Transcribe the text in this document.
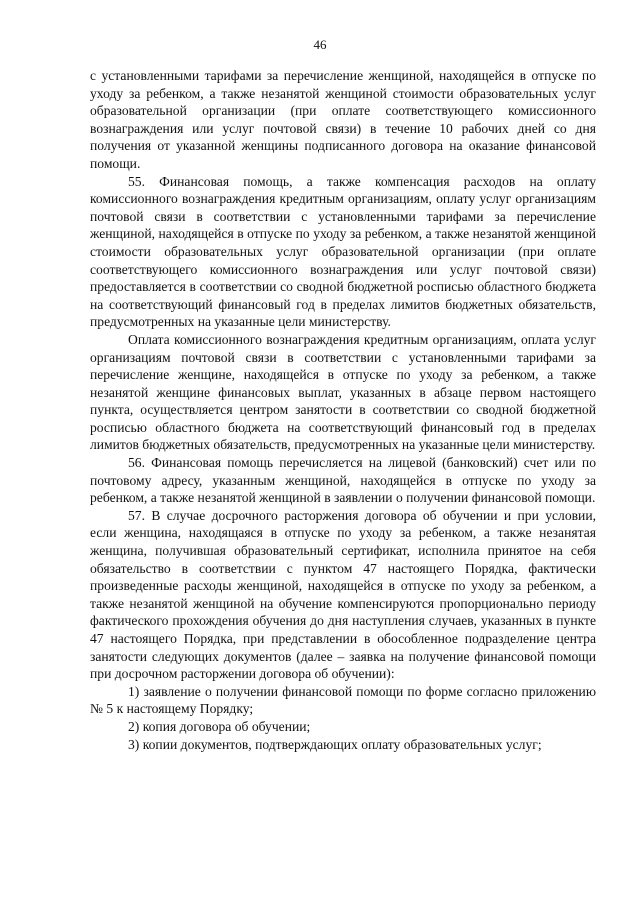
46

с установленными тарифами за перечисление женщиной, находящейся в отпуске по уходу за ребенком, а также незанятой женщиной стоимости образовательных услуг образовательной организации (при оплате соответствующего комиссионного вознаграждения или услуг почтовой связи) в течение 10 рабочих дней со дня получения от указанной женщины подписанного договора на оказание финансовой помощи.

55. Финансовая помощь, а также компенсация расходов на оплату комиссионного вознаграждения кредитным организациям, оплату услуг организациям почтовой связи в соответствии с установленными тарифами за перечисление женщиной, находящейся в отпуске по уходу за ребенком, а также незанятой женщиной стоимости образовательных услуг образовательной организации (при оплате соответствующего комиссионного вознаграждения или услуг почтовой связи) предоставляется в соответствии со сводной бюджетной росписью областного бюджета на соответствующий финансовый год в пределах лимитов бюджетных обязательств, предусмотренных на указанные цели министерству.

Оплата комиссионного вознаграждения кредитным организациям, оплата услуг организациям почтовой связи в соответствии с установленными тарифами за перечисление женщине, находящейся в отпуске по уходу за ребенком, а также незанятой женщине финансовых выплат, указанных в абзаце первом настоящего пункта, осуществляется центром занятости в соответствии со сводной бюджетной росписью областного бюджета на соответствующий финансовый год в пределах лимитов бюджетных обязательств, предусмотренных на указанные цели министерству.

56. Финансовая помощь перечисляется на лицевой (банковский) счет или по почтовому адресу, указанным женщиной, находящейся в отпуске по уходу за ребенком, а также незанятой женщиной в заявлении о получении финансовой помощи.

57. В случае досрочного расторжения договора об обучении и при условии, если женщина, находящаяся в отпуске по уходу за ребенком, а также незанятая женщина, получившая образовательный сертификат, исполнила принятое на себя обязательство в соответствии с пунктом 47 настоящего Порядка, фактически произведенные расходы женщиной, находящейся в отпуске по уходу за ребенком, а также незанятой женщиной на обучение компенсируются пропорционально периоду фактического прохождения обучения до дня наступления случаев, указанных в пункте 47 настоящего Порядка, при представлении в обособленное подразделение центра занятости следующих документов (далее – заявка на получение финансовой помощи при досрочном расторжении договора об обучении):

1) заявление о получении финансовой помощи по форме согласно приложению № 5 к настоящему Порядку;

2) копия договора об обучении;

3) копии документов, подтверждающих оплату образовательных услуг;
